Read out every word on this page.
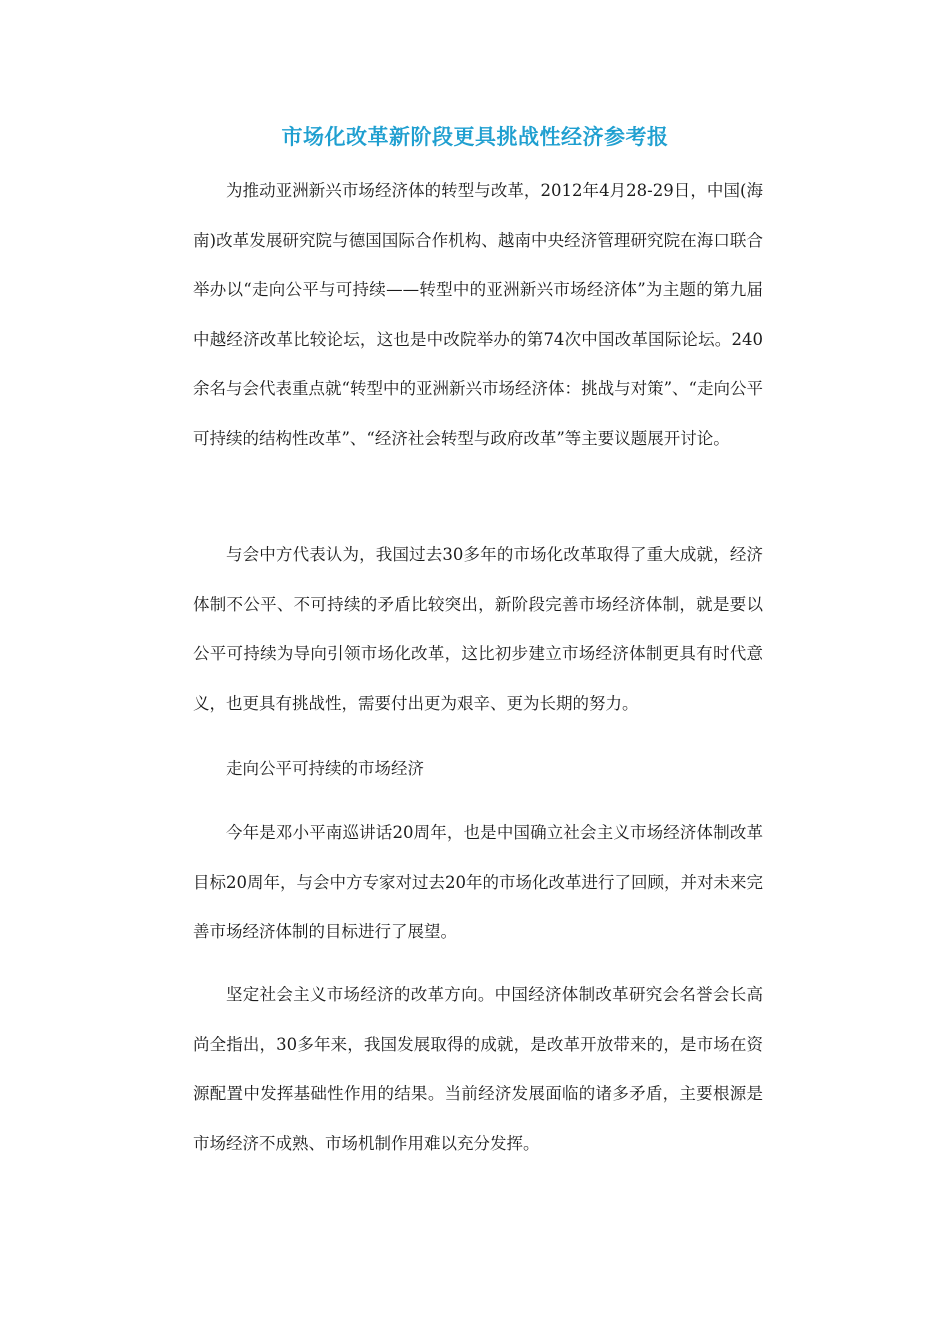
市场化改革新阶段更具挑战性经济参考报

为推动亚洲新兴市场经济体的转型与改革，2012年4月28-29日，中国(海南)改革发展研究院与德国国际合作机构、越南中央经济管理研究院在海口联合举办以“走向公平与可持续——转型中的亚洲新兴市场经济体”为主题的第九届中越经济改革比较论坛，这也是中改院举办的第74次中国改革国际论坛。240余名与会代表重点就“转型中的亚洲新兴市场经济体：挑战与对策”、“走向公平可持续的结构性改革”、“经济社会转型与政府改革”等主要议题展开讨论。

与会中方代表认为，我国过去30多年的市场化改革取得了重大成就，经济体制不公平、不可持续的矛盾比较突出，新阶段完善市场经济体制，就是要以公平可持续为导向引领市场化改革，这比初步建立市场经济体制更具有时代意义，也更具有挑战性，需要付出更为艰辛、更为长期的努力。

走向公平可持续的市场经济

今年是邓小平南巡讲话20周年，也是中国确立社会主义市场经济体制改革目标20周年，与会中方专家对过去20年的市场化改革进行了回顾，并对未来完善市场经济体制的目标进行了展望。

坚定社会主义市场经济的改革方向。中国经济体制改革研究会名誉会长高尚全指出，30多年来，我国发展取得的成就，是改革开放带来的，是市场在资源配置中发挥基础性作用的结果。当前经济发展面临的诸多矛盾，主要根源是市场经济不成熟、市场机制作用难以充分发挥。
